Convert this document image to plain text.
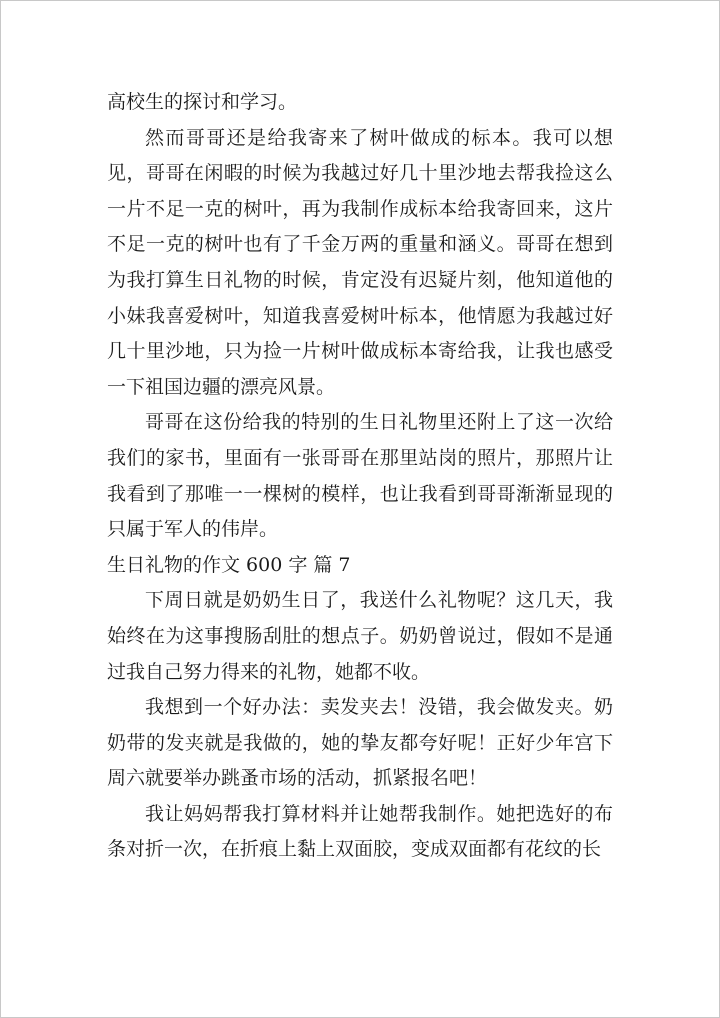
高校生的探讨和学习。

然而哥哥还是给我寄来了树叶做成的标本。我可以想见，哥哥在闲暇的时候为我越过好几十里沙地去帮我捡这么一片不足一克的树叶，再为我制作成标本给我寄回来，这片不足一克的树叶也有了千金万两的重量和涵义。哥哥在想到为我打算生日礼物的时候，肯定没有迟疑片刻，他知道他的小妹我喜爱树叶，知道我喜爱树叶标本，他情愿为我越过好几十里沙地，只为捡一片树叶做成标本寄给我，让我也感受一下祖国边疆的漂亮风景。

哥哥在这份给我的特别的生日礼物里还附上了这一次给我们的家书，里面有一张哥哥在那里站岗的照片，那照片让我看到了那唯一一棵树的模样，也让我看到哥哥渐渐显现的只属于军人的伟岸。

生日礼物的作文 600 字 篇 7

下周日就是奶奶生日了，我送什么礼物呢？这几天，我始终在为这事搜肠刮肚的想点子。奶奶曾说过，假如不是通过我自己努力得来的礼物，她都不收。

我想到一个好办法：卖发夹去！没错，我会做发夹。奶奶带的发夹就是我做的，她的挚友都夸好呢！正好少年宫下周六就要举办跳蚤市场的活动，抓紧报名吧！

我让妈妈帮我打算材料并让她帮我制作。她把选好的布条对折一次，在折痕上黏上双面胶，变成双面都有花纹的长
